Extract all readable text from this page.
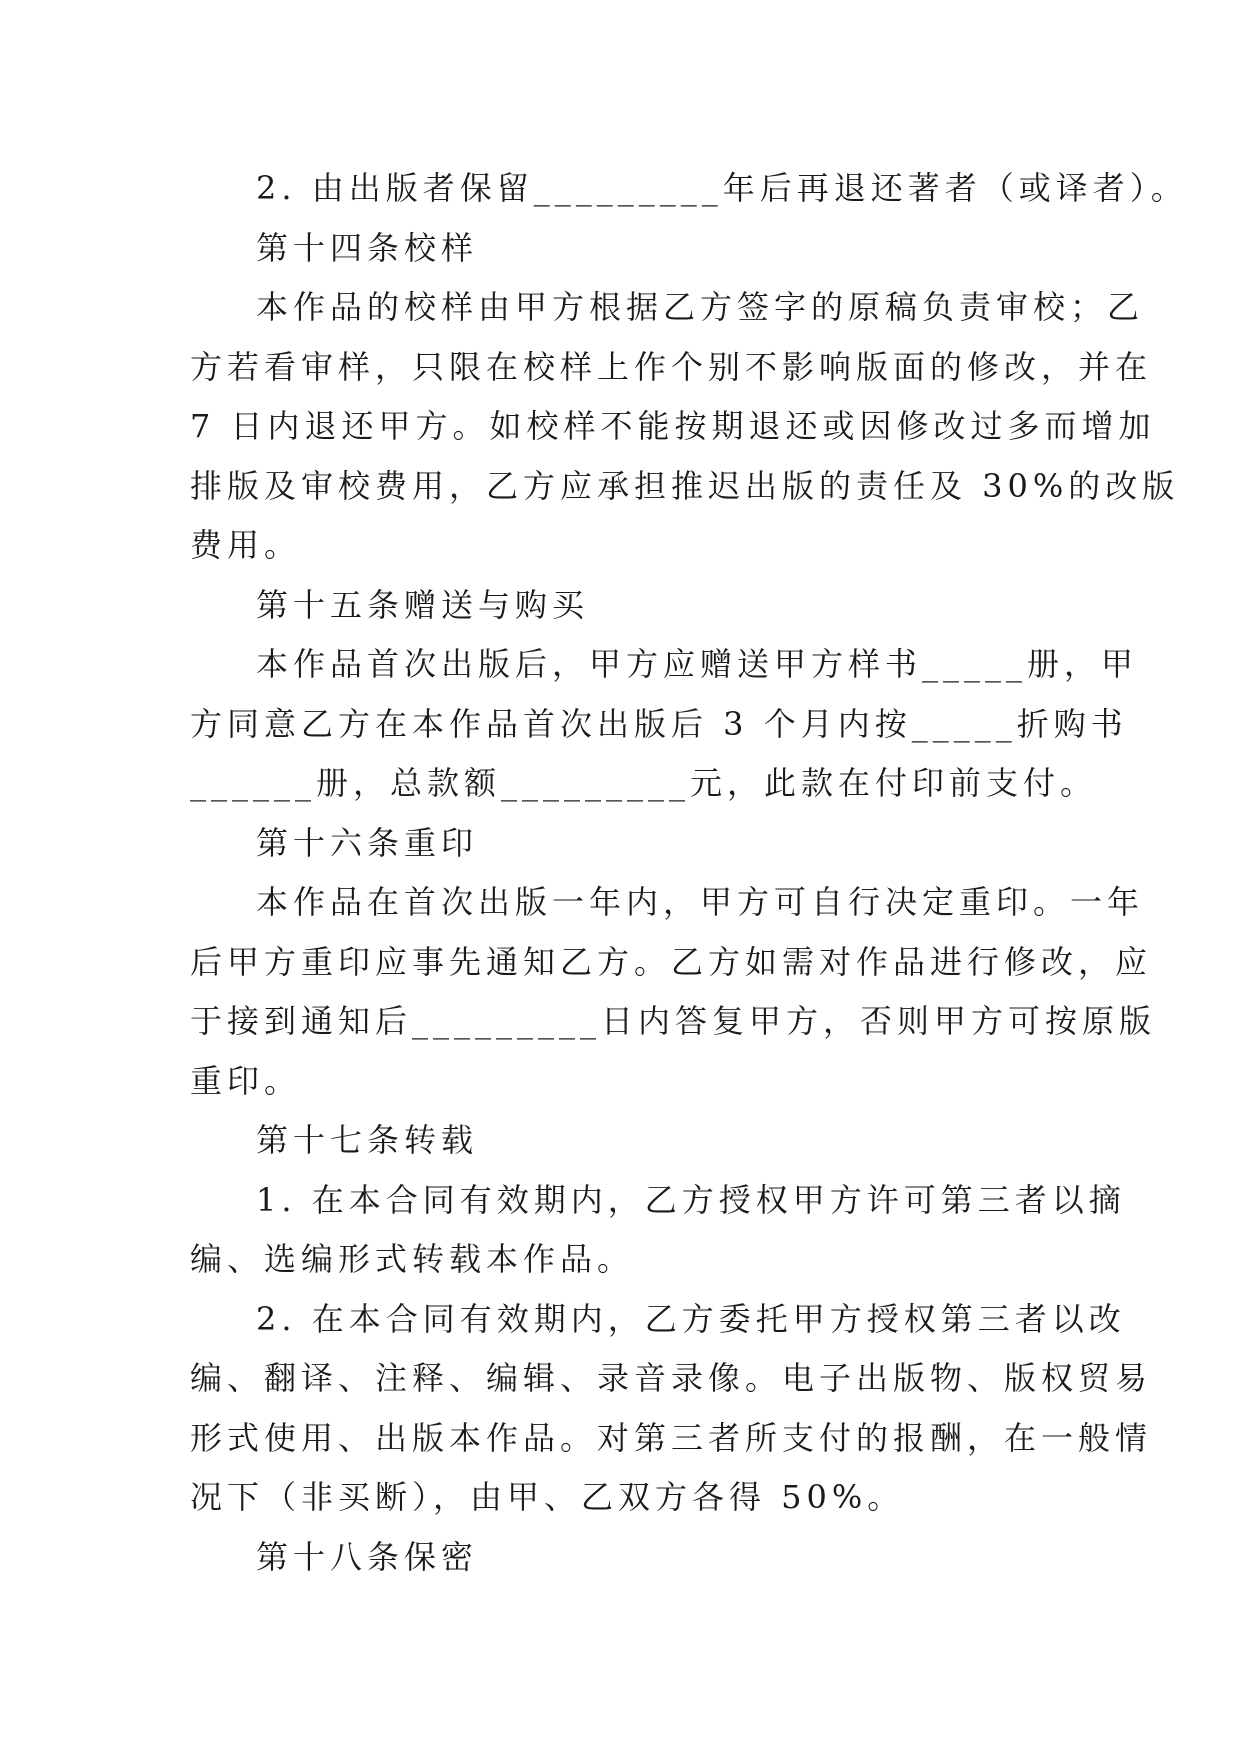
2. 由出版者保留_________年后再退还著者（或译者）。
第十四条校样
本作品的校样由甲方根据乙方签字的原稿负责审校；乙
方若看审样，只限在校样上作个别不影响版面的修改，并在
7 日内退还甲方。如校样不能按期退还或因修改过多而增加
排版及审校费用，乙方应承担推迟出版的责任及 30%的改版
费用。
第十五条赠送与购买
本作品首次出版后，甲方应赠送甲方样书_____册，甲
方同意乙方在本作品首次出版后 3 个月内按_____折购书
______册，总款额_________元，此款在付印前支付。
第十六条重印
本作品在首次出版一年内，甲方可自行决定重印。一年
后甲方重印应事先通知乙方。乙方如需对作品进行修改，应
于接到通知后_________日内答复甲方，否则甲方可按原版
重印。
第十七条转载
1. 在本合同有效期内，乙方授权甲方许可第三者以摘
编、选编形式转载本作品。
2. 在本合同有效期内，乙方委托甲方授权第三者以改
编、翻译、注释、编辑、录音录像。电子出版物、版权贸易
形式使用、出版本作品。对第三者所支付的报酬，在一般情
况下（非买断），由甲、乙双方各得 50%。
第十八条保密
